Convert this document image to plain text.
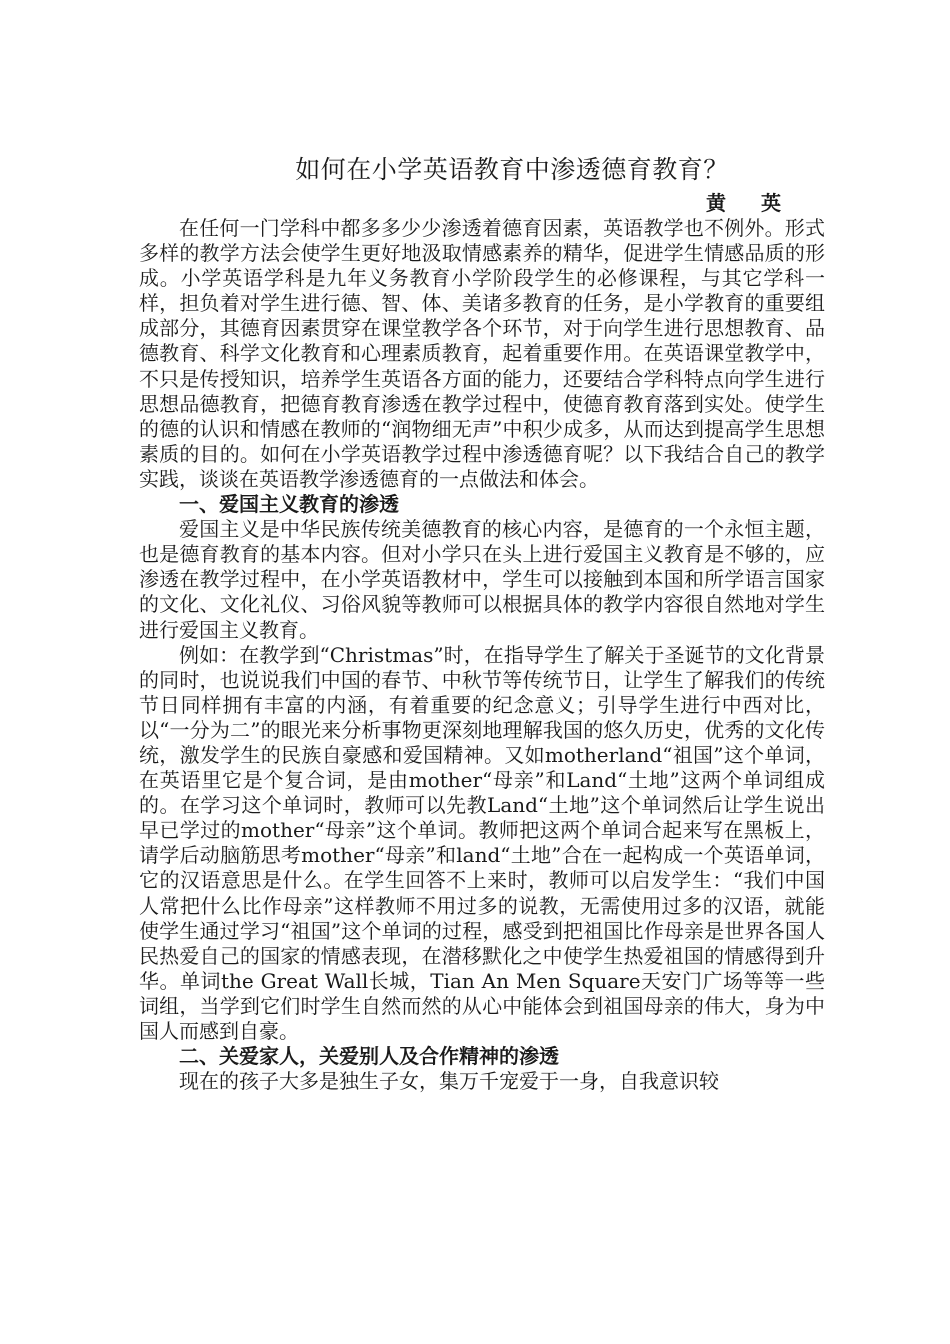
如何在小学英语教育中渗透德育教育？
黄 英

在任何一门学科中都多多少少渗透着德育因素，英语教学也不例外。形式多样的教学方法会使学生更好地汲取情感素养的精华，促进学生情感品质的形成。小学英语学科是九年义务教育小学阶段学生的必修课程，与其它学科一样，担负着对学生进行德、智、体、美诸多教育的任务，是小学教育的重要组成部分，其德育因素贯穿在课堂教学各个环节，对于向学生进行思想教育、品德教育、科学文化教育和心理素质教育，起着重要作用。在英语课堂教学中，不只是传授知识，培养学生英语各方面的能力，还要结合学科特点向学生进行思想品德教育，把德育教育渗透在教学过程中，使德育教育落到实处。使学生的德的认识和情感在教师的“润物细无声”中积少成多，从而达到提高学生思想素质的目的。如何在小学英语教学过程中渗透德育呢？以下我结合自己的教学实践，谈谈在英语教学渗透德育的一点做法和体会。

一、爱国主义教育的渗透

爱国主义是中华民族传统美德教育的核心内容，是德育的一个永恒主题，也是德育教育的基本内容。但对小学只在头上进行爱国主义教育是不够的，应渗透在教学过程中，在小学英语教材中，学生可以接触到本国和所学语言国家的文化、文化礼仪、习俗风貌等教师可以根据具体的教学内容很自然地对学生进行爱国主义教育。

例如：在教学到“Christmas”时，在指导学生了解关于圣诞节的文化背景的同时，也说说我们中国的春节、中秋节等传统节日，让学生了解我们的传统节日同样拥有丰富的内涵，有着重要的纪念意义；引导学生进行中西对比，以“一分为二”的眼光来分析事物更深刻地理解我国的悠久历史，优秀的文化传统，激发学生的民族自豪感和爱国精神。又如motherland“祖国”这个单词，在英语里它是个复合词，是由mother“母亲”和Land“土地”这两个单词组成的。在学习这个单词时，教师可以先教Land“土地”这个单词然后让学生说出早已学过的mother“母亲”这个单词。教师把这两个单词合起来写在黑板上，请学后动脑筋思考mother“母亲”和land“土地”合在一起构成一个英语单词，它的汉语意思是什么。在学生回答不上来时，教师可以启发学生：“我们中国人常把什么比作母亲”这样教师不用过多的说教，无需使用过多的汉语，就能使学生通过学习“祖国”这个单词的过程，感受到把祖国比作母亲是世界各国人民热爱自己的国家的情感表现，在潜移默化之中使学生热爱祖国的情感得到升华。单词the Great Wall长城，Tian An Men Square天安门广场等等一些词组，当学到它们时学生自然而然的从心中能体会到祖国母亲的伟大，身为中国人而感到自豪。

二、关爱家人，关爱别人及合作精神的渗透

现在的孩子大多是独生子女，集万千宠爱于一身，自我意识较
